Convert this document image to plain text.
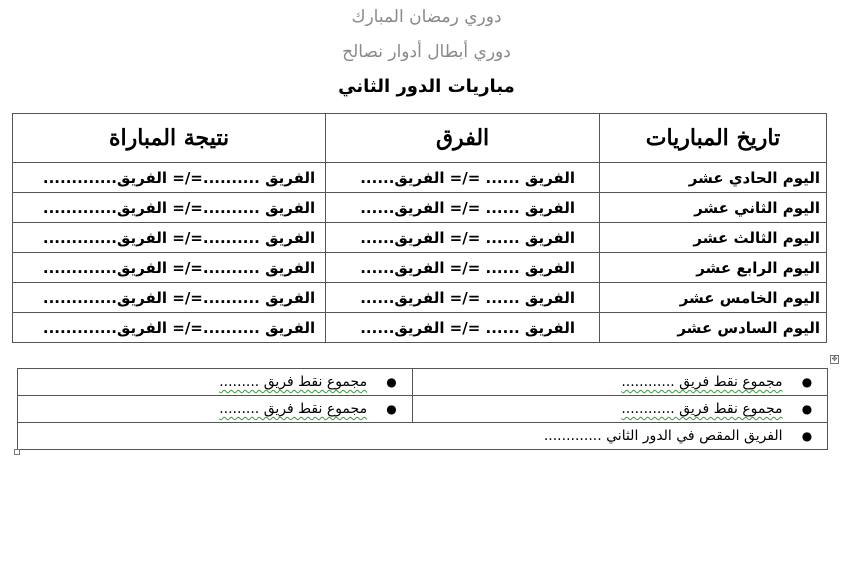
دوري رمضان المبارك
دوري أبطال أدوار نصالح
مباريات الدور الثاني
تاريخ المباريات	الفرق	نتيجة المباراة
اليوم الحادي عشر	الفريق ...... =/= الفريق......	الفريق ..........=/= الفريق.............
اليوم الثاني عشر	الفريق ...... =/= الفريق......	الفريق ..........=/= الفريق.............
اليوم الثالث عشر	الفريق ...... =/= الفريق......	الفريق ..........=/= الفريق.............
اليوم الرابع عشر	الفريق ...... =/= الفريق......	الفريق ..........=/= الفريق.............
اليوم الخامس عشر	الفريق ...... =/= الفريق......	الفريق ..........=/= الفريق.............
اليوم السادس عشر	الفريق ...... =/= الفريق......	الفريق ..........=/= الفريق.............
✥
● مجموع نقط فريق ............	● مجموع نقط فريق .........
● مجموع نقط فريق ............	● مجموع نقط فريق .........
● الفريق المقص في الدور الثاني .............	
